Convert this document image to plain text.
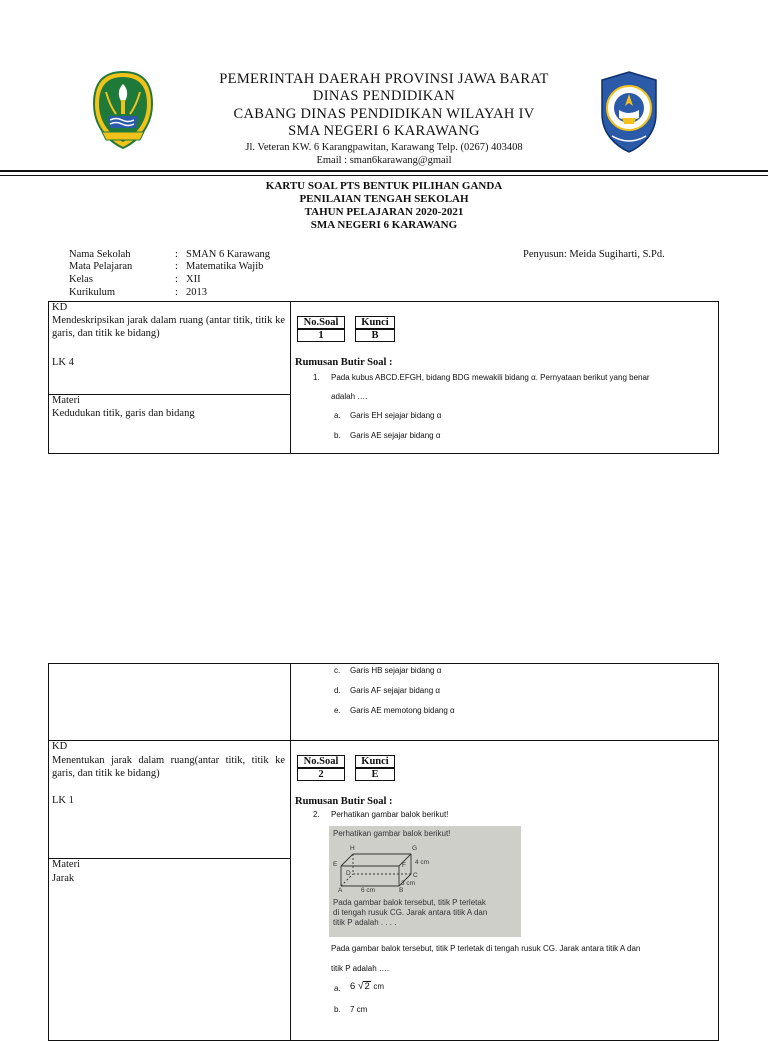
PEMERINTAH DAERAH PROVINSI JAWA BARAT
DINAS PENDIDIKAN
CABANG DINAS PENDIDIKAN WILAYAH IV
SMA NEGERI 6 KARAWANG
Jl. Veteran KW. 6 Karangpawitan, Karawang Telp. (0267) 403408
Email : sman6karawang@gmail
KARTU SOAL PTS BENTUK PILIHAN GANDA
PENILAIAN TENGAH SEKOLAH
TAHUN PELAJARAN 2020-2021
SMA NEGERI 6 KARAWANG
Nama Sekolah	: SMAN 6 Karawang
Mata Pelajaran	: Matematika Wajib
Kelas	: XII
Kurikulum	: 2013
Penyusun: Meida Sugiharti, S.Pd.
KD
Mendeskripsikan jarak dalam ruang (antar titik, titik ke garis, dan titik ke bidang)
LK 4
Materi
Kedudukan titik, garis dan bidang
No.Soal
1
Kunci
B
Rumusan Butir Soal :
1. Pada kubus ABCD.EFGH, bidang BDG mewakili bidang α. Pernyataan berikut yang benar
adalah ….
a. Garis EH sejajar bidang α
b. Garis AE sejajar bidang α
c. Garis HB sejajar bidang α
d. Garis AF sejajar bidang α
e. Garis AE memotong bidang α
KD
Menentukan jarak dalam ruang(antar titik, titik ke garis, dan titik ke bidang)
LK 1
Materi
Jarak
No.Soal
2
Kunci
E
Rumusan Butir Soal :
2. Perhatikan gambar balok berikut!
Perhatikan gambar balok berikut!
H	G
E	F
D	C
A	B
4 cm
3 cm
6 cm
Pada gambar balok tersebut, titik P terletak
di tengah rusuk CG. Jarak antara titik A dan
titik P adalah . . . .
Pada gambar balok tersebut, titik P terletak di tengah rusuk CG. Jarak antara titik A dan
titik P adalah ….
a. 6 √2 cm
b. 7 cm
